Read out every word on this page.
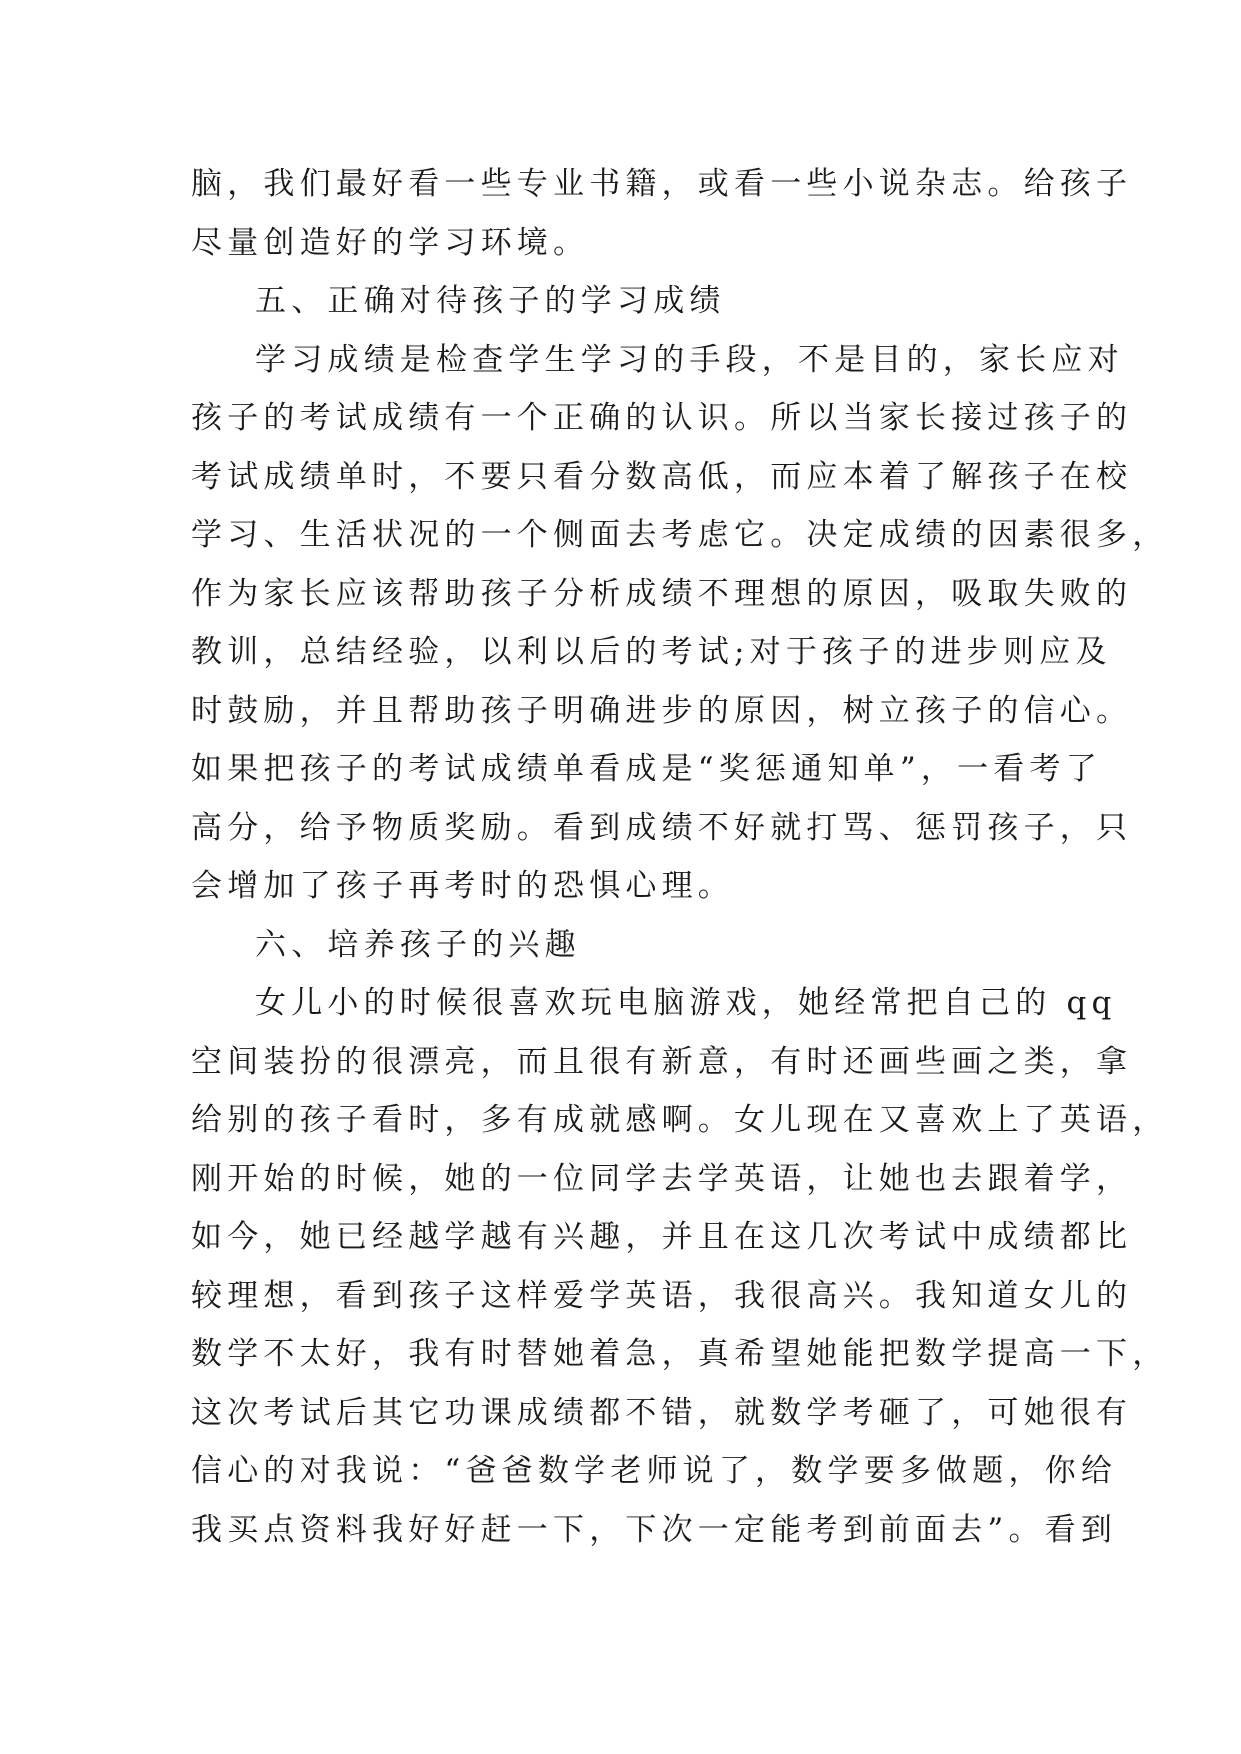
脑，我们最好看一些专业书籍，或看一些小说杂志。给孩子
尽量创造好的学习环境。
五、正确对待孩子的学习成绩
学习成绩是检查学生学习的手段，不是目的，家长应对
孩子的考试成绩有一个正确的认识。所以当家长接过孩子的
考试成绩单时，不要只看分数高低，而应本着了解孩子在校
学习、生活状况的一个侧面去考虑它。决定成绩的因素很多，
作为家长应该帮助孩子分析成绩不理想的原因，吸取失败的
教训，总结经验，以利以后的考试;对于孩子的进步则应及
时鼓励，并且帮助孩子明确进步的原因，树立孩子的信心。
如果把孩子的考试成绩单看成是“奖惩通知单”，一看考了
高分，给予物质奖励。看到成绩不好就打骂、惩罚孩子，只
会增加了孩子再考时的恐惧心理。
六、培养孩子的兴趣
女儿小的时候很喜欢玩电脑游戏，她经常把自己的 qq
空间装扮的很漂亮，而且很有新意，有时还画些画之类，拿
给别的孩子看时，多有成就感啊。女儿现在又喜欢上了英语，
刚开始的时候，她的一位同学去学英语，让她也去跟着学，
如今，她已经越学越有兴趣，并且在这几次考试中成绩都比
较理想，看到孩子这样爱学英语，我很高兴。我知道女儿的
数学不太好，我有时替她着急，真希望她能把数学提高一下，
这次考试后其它功课成绩都不错，就数学考砸了，可她很有
信心的对我说：“爸爸数学老师说了，数学要多做题，你给
我买点资料我好好赶一下，下次一定能考到前面去”。看到
